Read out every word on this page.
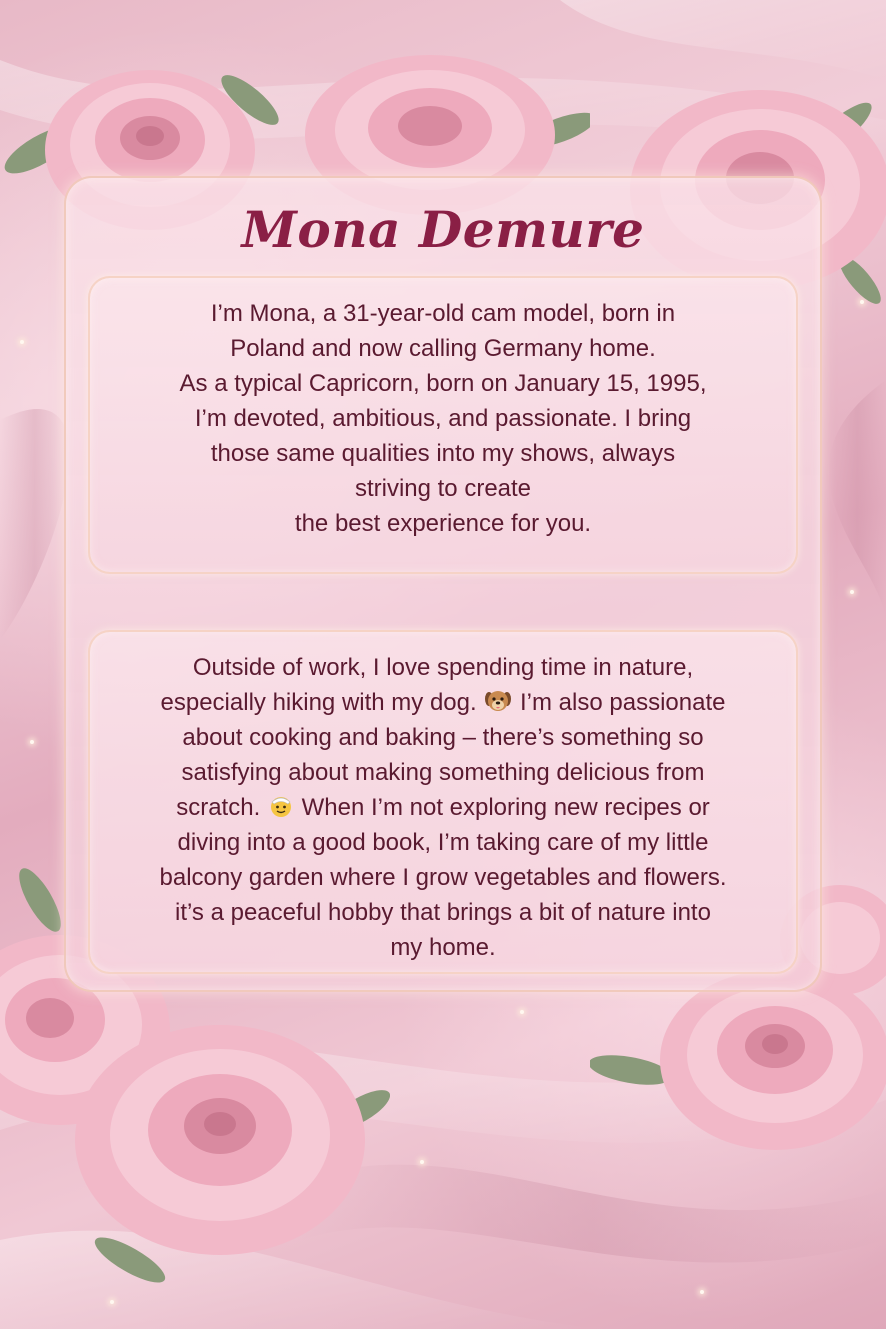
Mona Demure
I’m Mona, a 31-year-old cam model, born in
Poland and now calling Germany home.
As a typical Capricorn, born on January 15, 1995,
I’m devoted, ambitious, and passionate. I bring
those same qualities into my shows, always
striving to create
the best experience for you.
Outside of work, I love spending time in nature,
especially hiking with my dog. I’m also passionate
about cooking and baking – there’s something so
satisfying about making something delicious from
scratch. When I’m not exploring new recipes or
diving into a good book, I’m taking care of my little
balcony garden where I grow vegetables and flowers.
it’s a peaceful hobby that brings a bit of nature into
my home.
